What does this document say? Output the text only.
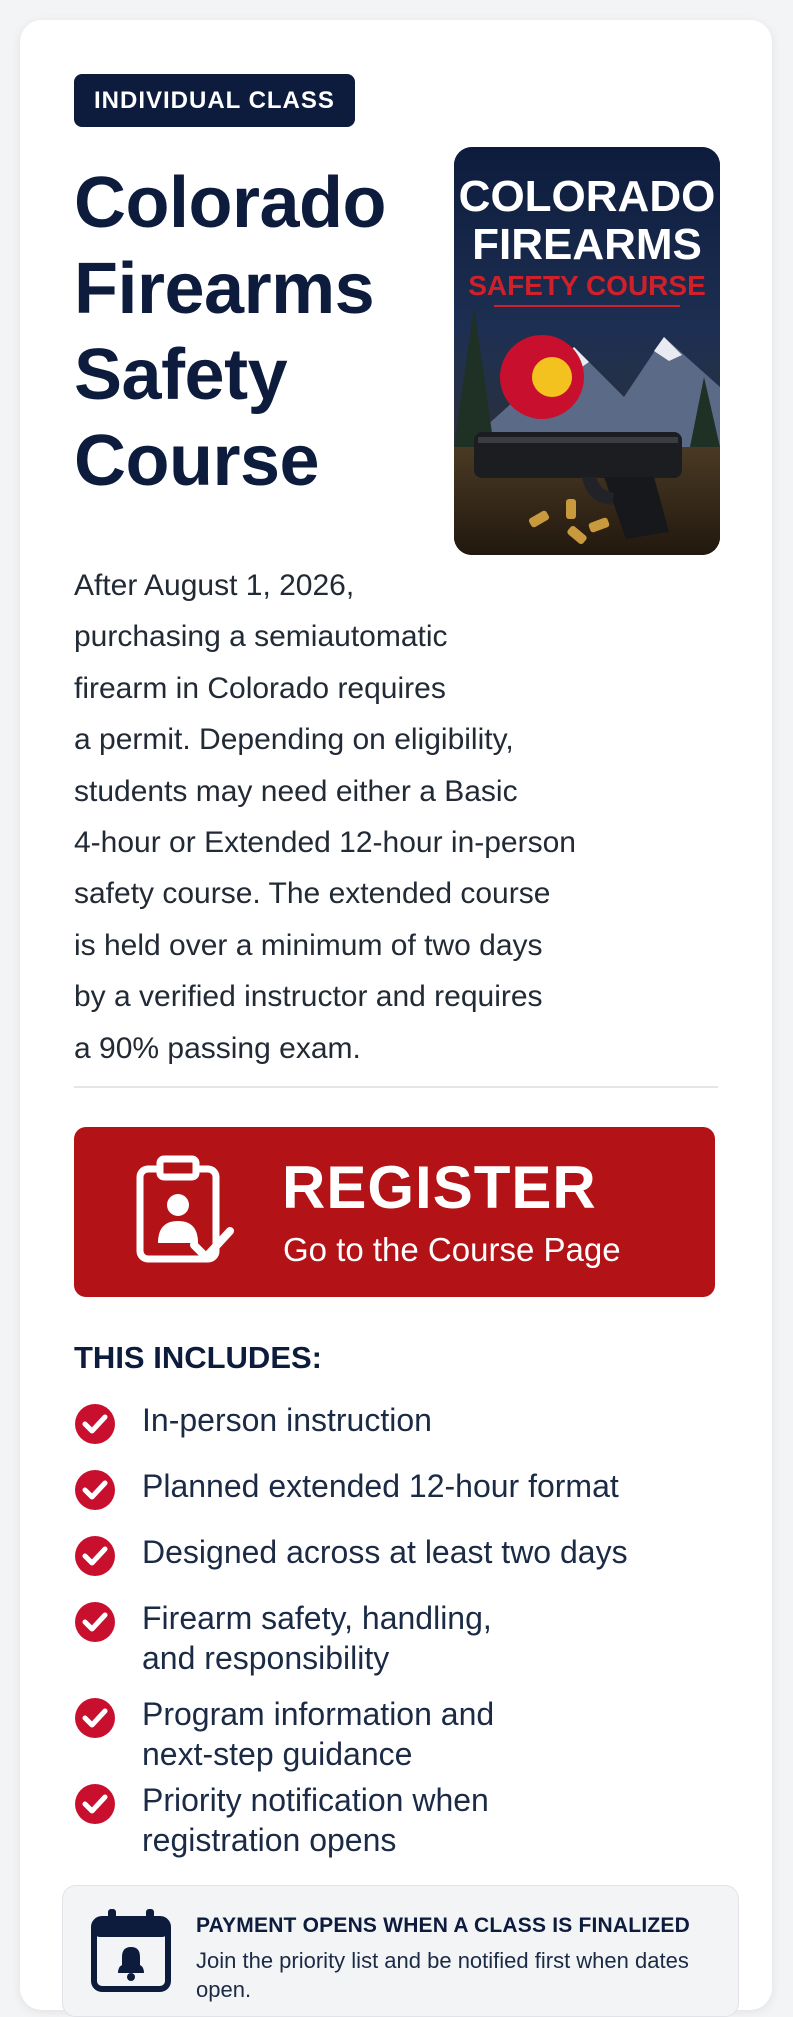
INDIVIDUAL CLASS
Colorado Firearms Safety Course
COLORADO
FIREARMS
SAFETY COURSE
After August 1, 2026,
purchasing a semiautomatic
firearm in Colorado requires
a permit. Depending on eligibility,
students may need either a Basic
4-hour or Extended 12-hour in-person
safety course. The extended course
is held over a minimum of two days
by a verified instructor and requires
a 90% passing exam.
REGISTER
Go to the Course Page
THIS INCLUDES:
In-person instruction
Planned extended 12-hour format
Designed across at least two days
Firearm safety, handling, and responsibility
Program information and next-step guidance
Priority notification when registration opens
PAYMENT OPENS WHEN A CLASS IS FINALIZED
Join the priority list and be notified first when dates open.
